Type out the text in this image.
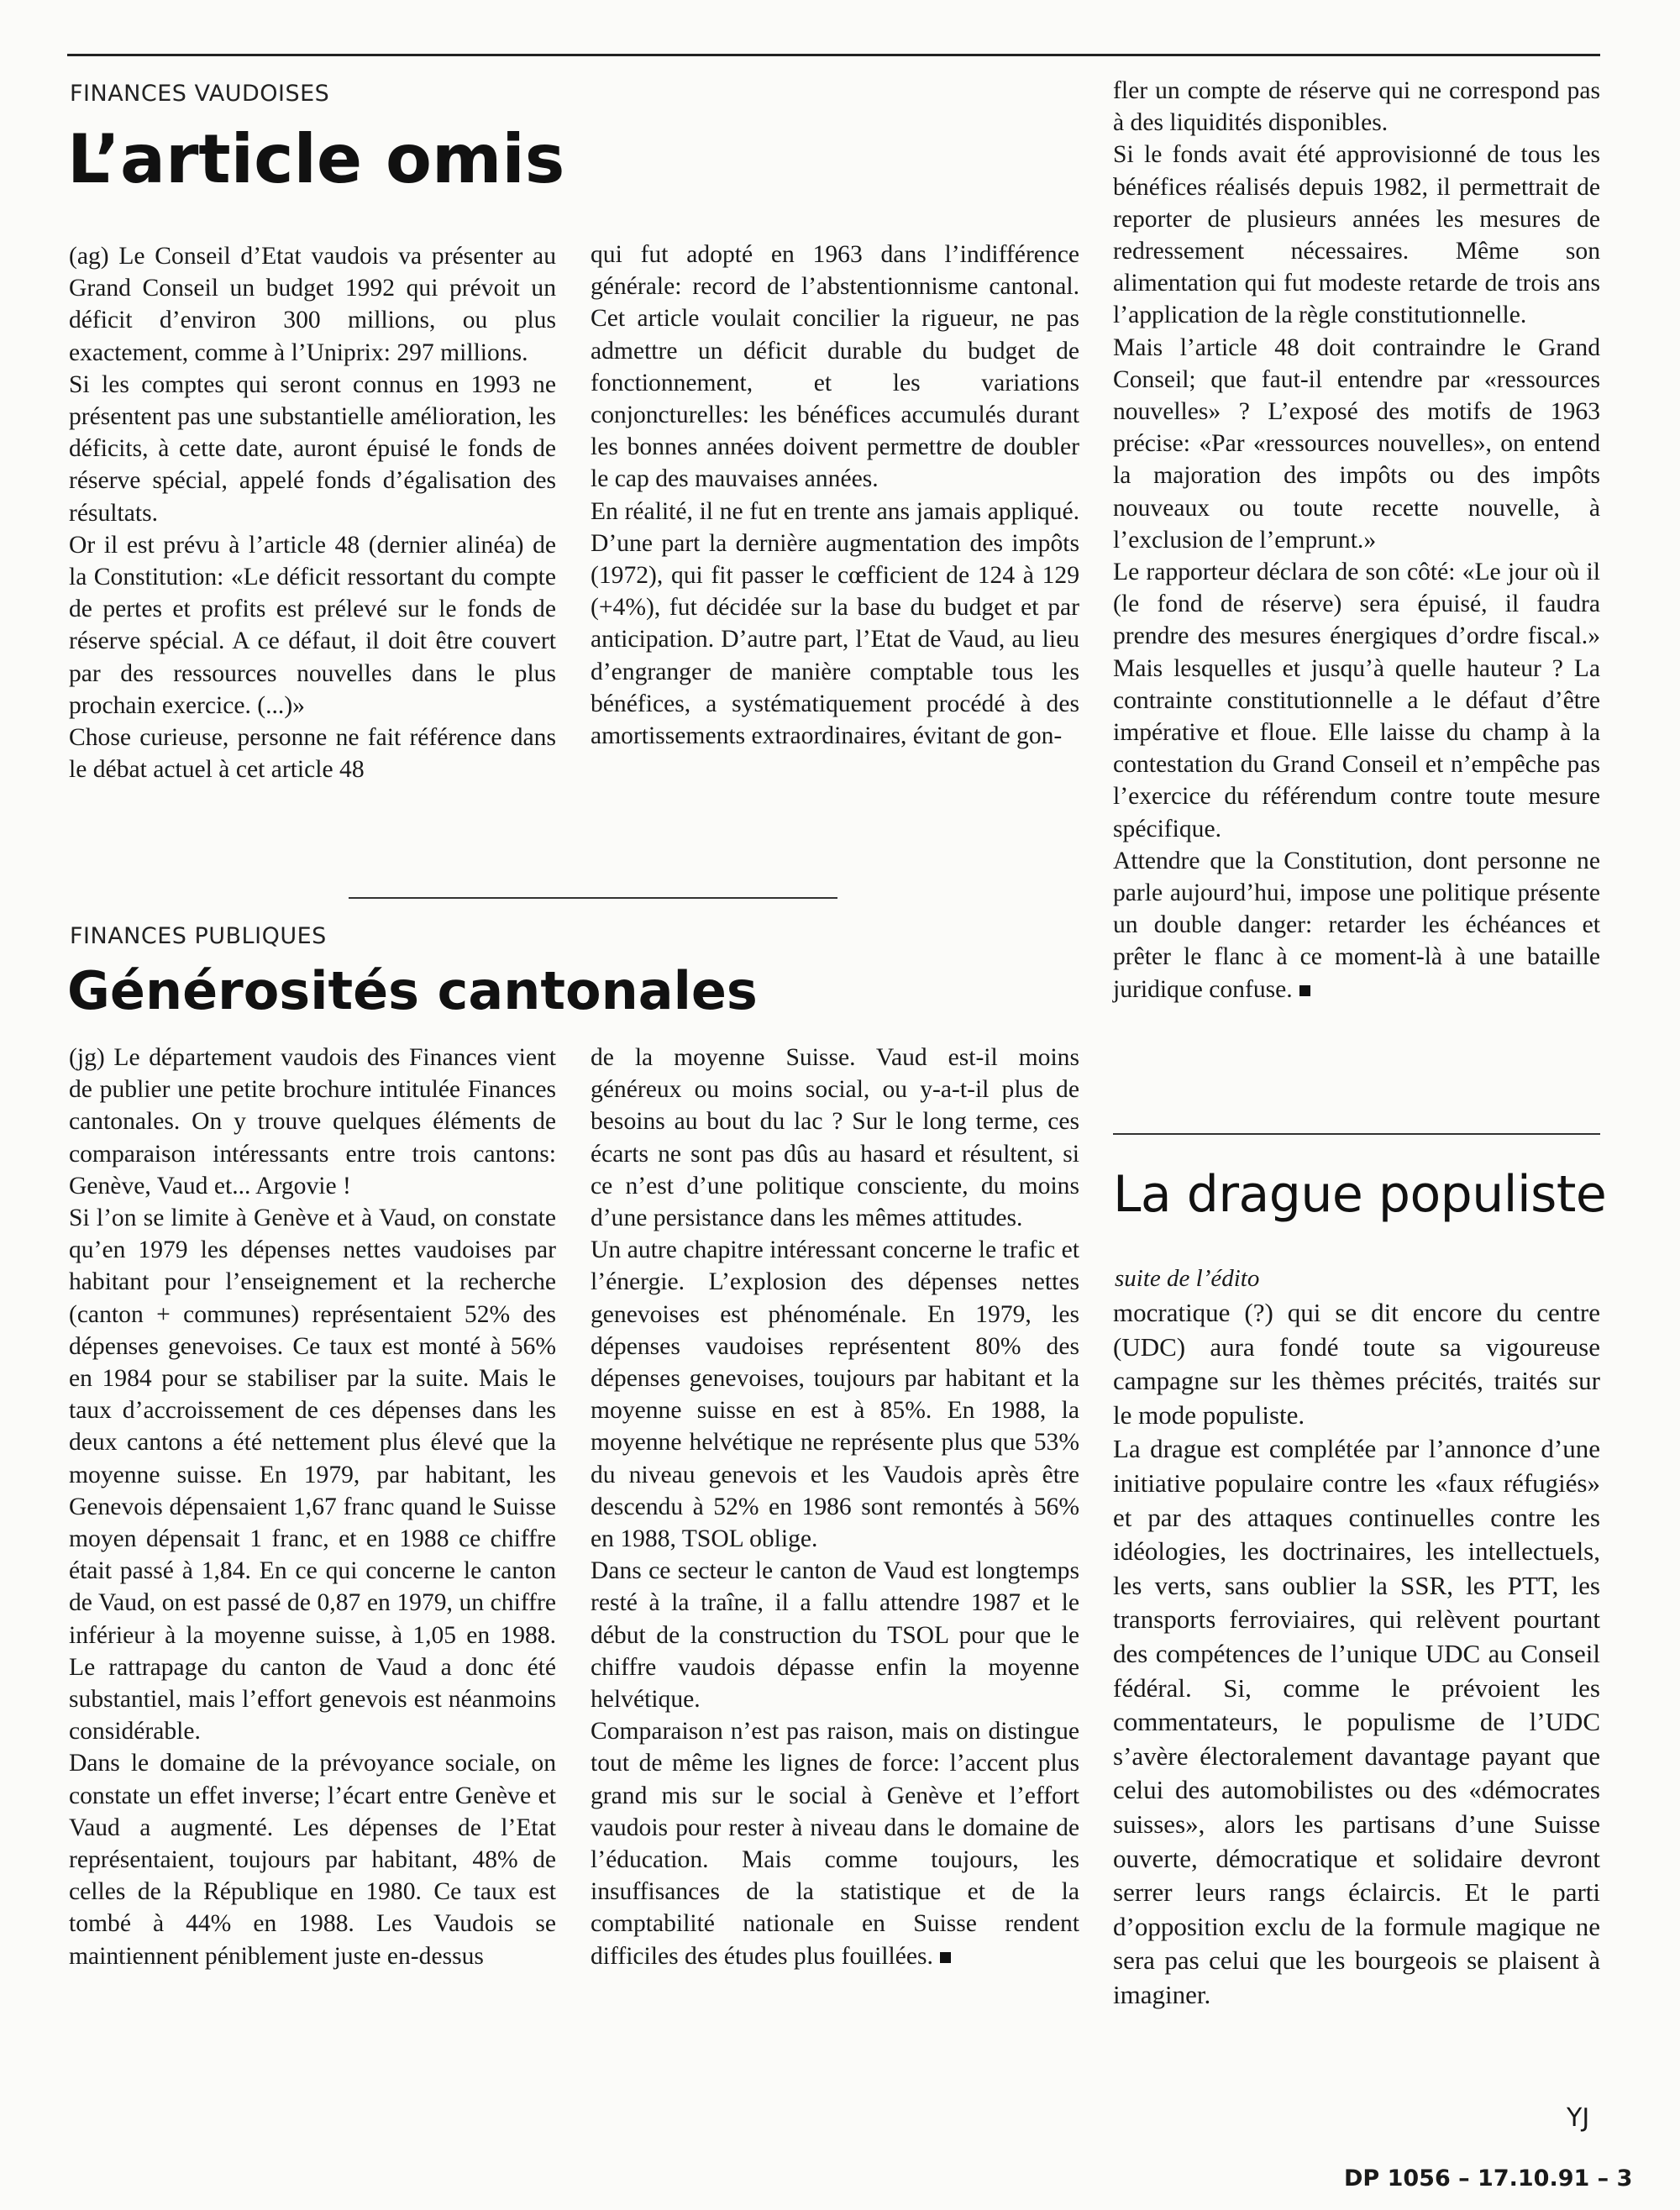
FINANCES VAUDOISES
L’article omis

(ag) Le Conseil d’Etat vaudois va présenter au Grand Conseil un budget 1992 qui prévoit un déficit d’environ 300 millions, ou plus exactement, comme à l’Uniprix: 297 millions.

Si les comptes qui seront connus en 1993 ne présentent pas une substantielle amélioration, les déficits, à cette date, auront épuisé le fonds de réserve spécial, appelé fonds d’égalisation des résultats.

Or il est prévu à l’article 48 (dernier alinéa) de la Constitution: «Le déficit ressortant du compte de pertes et profits est prélevé sur le fonds de réserve spécial. A ce défaut, il doit être couvert par des ressources nouvelles dans le plus prochain exercice. (...)»

Chose curieuse, personne ne fait référence dans le débat actuel à cet article 48

qui fut adopté en 1963 dans l’indifférence générale: record de l’abstentionnisme cantonal. Cet article voulait concilier la rigueur, ne pas admettre un déficit durable du budget de fonctionnement, et les variations conjoncturelles: les bénéfices accumulés durant les bonnes années doivent permettre de doubler le cap des mauvaises années.

En réalité, il ne fut en trente ans jamais appliqué. D’une part la dernière augmentation des impôts (1972), qui fit passer le cœfficient de 124 à 129 (+4%), fut décidée sur la base du budget et par anticipation. D’autre part, l’Etat de Vaud, au lieu d’engranger de manière comptable tous les bénéfices, a systématiquement procédé à des amortissements extraordinaires, évitant de gon-

fler un compte de réserve qui ne correspond pas à des liquidités disponibles.

Si le fonds avait été approvisionné de tous les bénéfices réalisés depuis 1982, il permettrait de reporter de plusieurs années les mesures de redressement nécessaires. Même son alimentation qui fut modeste retarde de trois ans l’application de la règle constitutionnelle.

Mais l’article 48 doit contraindre le Grand Conseil; que faut-il entendre par «ressources nouvelles» ? L’exposé des motifs de 1963 précise: «Par «ressources nouvelles», on entend la majoration des impôts ou des impôts nouveaux ou toute recette nouvelle, à l’exclusion de l’emprunt.»

Le rapporteur déclara de son côté: «Le jour où il (le fond de réserve) sera épuisé, il faudra prendre des mesures énergiques d’ordre fiscal.» Mais lesquelles et jusqu’à quelle hauteur ? La contrainte constitutionnelle a le défaut d’être impérative et floue. Elle laisse du champ à la contestation du Grand Conseil et n’empêche pas l’exercice du référendum contre toute mesure spécifique.

Attendre que la Constitution, dont personne ne parle aujourd’hui, impose une politique présente un double danger: retarder les échéances et prêter le flanc à ce moment-là à une bataille juridique confuse.

FINANCES PUBLIQUES
Générosités cantonales

(jg) Le département vaudois des Finances vient de publier une petite brochure intitulée Finances cantonales. On y trouve quelques éléments de comparaison intéressants entre trois cantons: Genève, Vaud et... Argovie !

Si l’on se limite à Genève et à Vaud, on constate qu’en 1979 les dépenses nettes vaudoises par habitant pour l’enseignement et la recherche (canton + communes) représentaient 52% des dépenses genevoises. Ce taux est monté à 56% en 1984 pour se stabiliser par la suite. Mais le taux d’accroissement de ces dépenses dans les deux cantons a été nettement plus élevé que la moyenne suisse. En 1979, par habitant, les Genevois dépensaient 1,67 franc quand le Suisse moyen dépensait 1 franc, et en 1988 ce chiffre était passé à 1,84. En ce qui concerne le canton de Vaud, on est passé de 0,87 en 1979, un chiffre inférieur à la moyenne suisse, à 1,05 en 1988. Le rattrapage du canton de Vaud a donc été substantiel, mais l’effort genevois est néanmoins considérable.

Dans le domaine de la prévoyance sociale, on constate un effet inverse; l’écart entre Genève et Vaud a augmenté. Les dépenses de l’Etat représentaient, toujours par habitant, 48% de celles de la République en 1980. Ce taux est tombé à 44% en 1988. Les Vaudois se maintiennent péniblement juste en-dessus

de la moyenne Suisse. Vaud est-il moins généreux ou moins social, ou y-a-t-il plus de besoins au bout du lac ? Sur le long terme, ces écarts ne sont pas dûs au hasard et résultent, si ce n’est d’une politique consciente, du moins d’une persistance dans les mêmes attitudes.

Un autre chapitre intéressant concerne le trafic et l’énergie. L’explosion des dépenses nettes genevoises est phénoménale. En 1979, les dépenses vaudoises représentent 80% des dépenses genevoises, toujours par habitant et la moyenne suisse en est à 85%. En 1988, la moyenne helvétique ne représente plus que 53% du niveau genevois et les Vaudois après être descendu à 52% en 1986 sont remontés à 56% en 1988, TSOL oblige.

Dans ce secteur le canton de Vaud est longtemps resté à la traîne, il a fallu attendre 1987 et le début de la construction du TSOL pour que le chiffre vaudois dépasse enfin la moyenne helvétique.

Comparaison n’est pas raison, mais on distingue tout de même les lignes de force: l’accent plus grand mis sur le social à Genève et l’effort vaudois pour rester à niveau dans le domaine de l’éducation. Mais comme toujours, les insuffisances de la statistique et de la comptabilité nationale en Suisse rendent difficiles des études plus fouillées.

La drague populiste
suite de l’édito

mocratique (?) qui se dit encore du centre (UDC) aura fondé toute sa vigoureuse campagne sur les thèmes précités, traités sur le mode populiste.

La drague est complétée par l’annonce d’une initiative populaire contre les «faux réfugiés» et par des attaques continuelles contre les idéologies, les doctrinaires, les intellectuels, les verts, sans oublier la SSR, les PTT, les transports ferroviaires, qui relèvent pourtant des compétences de l’unique UDC au Conseil fédéral. Si, comme le prévoient les commentateurs, le populisme de l’UDC s’avère électoralement davantage payant que celui des automobilistes ou des «démocrates suisses», alors les partisans d’une Suisse ouverte, démocratique et solidaire devront serrer leurs rangs éclaircis. Et le parti d’opposition exclu de la formule magique ne sera pas celui que les bourgeois se plaisent à imaginer.

YJ
DP 1056 – 17.10.91 – 3
